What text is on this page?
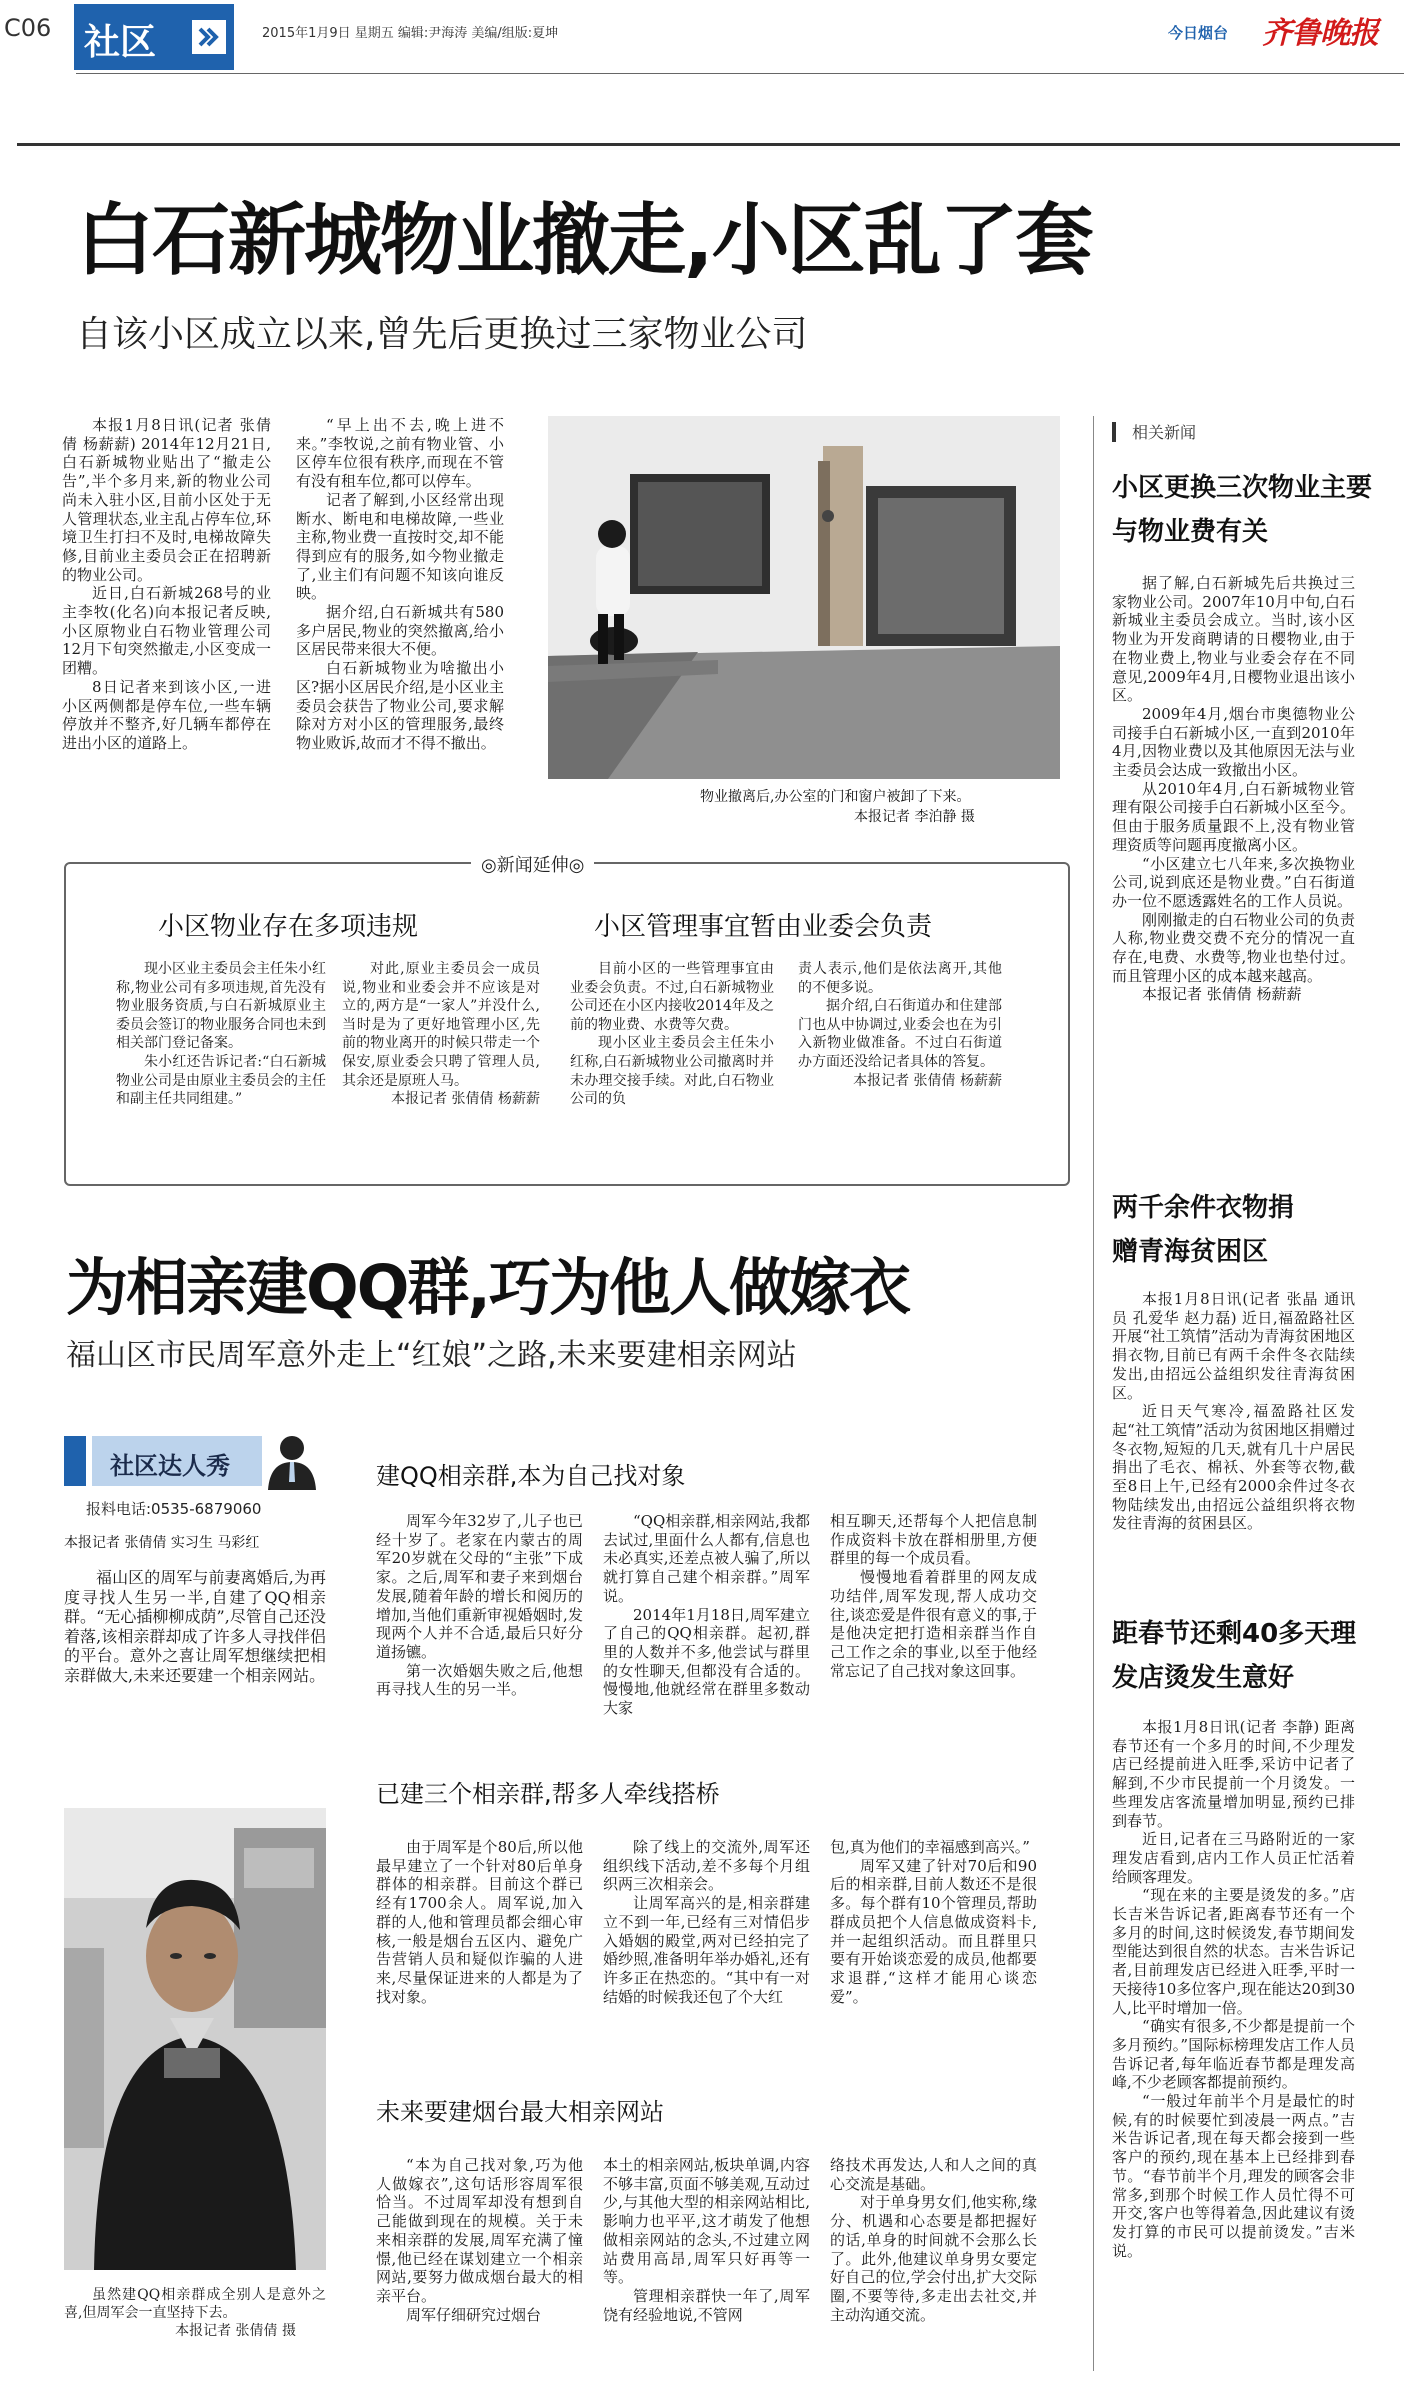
C06 社区	2015年1月9日 星期五 编辑:尹海涛 美编/组版:夏坤	今日烟台 齐鲁晚报
白石新城物业撤走,小区乱了套
自该小区成立以来,曾先后更换过三家物业公司

本报1月8日讯(记者 张倩倩 杨薪薪) 2014年12月21日,白石新城物业贴出了“撤走公告”,半个多月来,新的物业公司尚未入驻小区,目前小区处于无人管理状态,业主乱占停车位,环境卫生打扫不及时,电梯故障失修,目前业主委员会正在招聘新的物业公司。

近日,白石新城268号的业主李牧(化名)向本报记者反映,小区原物业白石物业管理公司12月下旬突然撤走,小区变成一团糟。

8日记者来到该小区,一进小区两侧都是停车位,一些车辆停放并不整齐,好几辆车都停在进出小区的道路上。

“早上出不去,晚上进不来。”李牧说,之前有物业管、小区停车位很有秩序,而现在不管有没有租车位,都可以停车。

记者了解到,小区经常出现断水、断电和电梯故障,一些业主称,物业费一直按时交,却不能得到应有的服务,如今物业撤走了,业主们有问题不知该向谁反映。

据介绍,白石新城共有580多户居民,物业的突然撤离,给小区居民带来很大不便。

白石新城物业为啥撤出小区?据小区居民介绍,是小区业主委员会获告了物业公司,要求解除对方对小区的管理服务,最终物业败诉,故而才不得不撤出。

物业撤离后,办公室的门和窗户被卸了下来。
本报记者 李泊静 摄
◎新闻延伸◎
小区物业存在多项违规	小区管理事宜暂由业委会负责

现小区业主委员会主任朱小红称,物业公司有多项违规,首先没有物业服务资质,与白石新城原业主委员会签订的物业服务合同也未到相关部门登记备案。

朱小红还告诉记者:“白石新城物业公司是由原业主委员会的主任和副主任共同组建。”

对此,原业主委员会一成员说,物业和业委会并不应该是对立的,两方是“一家人”并没什么,当时是为了更好地管理小区,先前的物业离开的时候只带走一个保安,原业委会只聘了管理人员,其余还是原班人马。

本报记者 张倩倩 杨薪薪

目前小区的一些管理事宜由业委会负责。不过,白石新城物业公司还在小区内接收2014年及之前的物业费、水费等欠费。

现小区业主委员会主任朱小红称,白石新城物业公司撤离时并未办理交接手续。对此,白石物业公司的负

责人表示,他们是依法离开,其他的不便多说。

据介绍,白石街道办和住建部门也从中协调过,业委会也在为引入新物业做准备。不过白石街道办方面还没给记者具体的答复。

本报记者 张倩倩 杨薪薪

相关新闻
小区更换三次物业主要与物业费有关

据了解,白石新城先后共换过三家物业公司。2007年10月中旬,白石新城业主委员会成立。当时,该小区物业为开发商聘请的日樱物业,由于在物业费上,物业与业委会存在不同意见,2009年4月,日樱物业退出该小区。

2009年4月,烟台市奥德物业公司接手白石新城小区,一直到2010年4月,因物业费以及其他原因无法与业主委员会达成一致撤出小区。

从2010年4月,白石新城物业管理有限公司接手白石新城小区至今。但由于服务质量跟不上,没有物业管理资质等问题再度撤离小区。

“小区建立七八年来,多次换物业公司,说到底还是物业费。”白石街道办一位不愿透露姓名的工作人员说。

刚刚撤走的白石物业公司的负责人称,物业费交费不充分的情况一直存在,电费、水费等,物业也垫付过。而且管理小区的成本越来越高。

本报记者 张倩倩 杨薪薪

两千余件衣物捐赠青海贫困区

本报1月8日讯(记者 张晶 通讯员 孔爱华 赵力磊) 近日,福盈路社区开展“社工筑情”活动为青海贫困地区捐衣物,目前已有两千余件冬衣陆续发出,由招远公益组织发往青海贫困区。

近日天气寒冷,福盈路社区发起“社工筑情”活动为贫困地区捐赠过冬衣物,短短的几天,就有几十户居民捐出了毛衣、棉袄、外套等衣物,截至8日上午,已经有2000余件过冬衣物陆续发出,由招远公益组织将衣物发往青海的贫困县区。

距春节还剩40多天理发店烫发生意好

本报1月8日讯(记者 李静) 距离春节还有一个多月的时间,不少理发店已经提前进入旺季,采访中记者了解到,不少市民提前一个月烫发。一些理发店客流量增加明显,预约已排到春节。

近日,记者在三马路附近的一家理发店看到,店内工作人员正忙活着给顾客理发。

“现在来的主要是烫发的多。”店长吉米告诉记者,距离春节还有一个多月的时间,这时候烫发,春节期间发型能达到很自然的状态。吉米告诉记者,目前理发店已经进入旺季,平时一天接待10多位客户,现在能达20到30人,比平时增加一倍。

“确实有很多,不少都是提前一个多月预约。”国际标榜理发店工作人员告诉记者,每年临近春节都是理发高峰,不少老顾客都提前预约。

“一般过年前半个月是最忙的时候,有的时候要忙到凌晨一两点。”吉米告诉记者,现在每天都会接到一些客户的预约,现在基本上已经排到春节。“春节前半个月,理发的顾客会非常多,到那个时候工作人员忙得不可开交,客户也等得着急,因此建议有烫发打算的市民可以提前烫发。”吉米说。

为相亲建QQ群,巧为他人做嫁衣
福山区市民周军意外走上“红娘”之路,未来要建相亲网站
社区达人秀
报料电话:0535-6879060
本报记者 张倩倩 实习生 马彩红

福山区的周军与前妻离婚后,为再度寻找人生另一半,自建了QQ相亲群。“无心插柳柳成荫”,尽管自己还没着落,该相亲群却成了许多人寻找伴侣的平台。意外之喜让周军想继续把相亲群做大,未来还要建一个相亲网站。

虽然建QQ相亲群成全别人是意外之喜,但周军会一直坚持下去。

本报记者 张倩倩 摄

建QQ相亲群,本为自己找对象

周军今年32岁了,儿子也已经十岁了。老家在内蒙古的周军20岁就在父母的“主张”下成家。之后,周军和妻子来到烟台发展,随着年龄的增长和阅历的增加,当他们重新审视婚姻时,发现两个人并不合适,最后只好分道扬镳。

第一次婚姻失败之后,他想再寻找人生的另一半。

“QQ相亲群,相亲网站,我都去试过,里面什么人都有,信息也未必真实,还差点被人骗了,所以就打算自己建个相亲群。”周军说。

2014年1月18日,周军建立了自己的QQ相亲群。起初,群里的人数并不多,他尝试与群里的女性聊天,但都没有合适的。慢慢地,他就经常在群里多数动大家

相互聊天,还帮每个人把信息制作成资料卡放在群相册里,方便群里的每一个成员看。

慢慢地看着群里的网友成功结伴,周军发现,帮人成功交往,谈恋爱是件很有意义的事,于是他决定把打造相亲群当作自己工作之余的事业,以至于他经常忘记了自己找对象这回事。

已建三个相亲群,帮多人牵线搭桥

由于周军是个80后,所以他最早建立了一个针对80后单身群体的相亲群。目前这个群已经有1700余人。周军说,加入群的人,他和管理员都会细心审核,一般是烟台五区内、避免广告营销人员和疑似诈骗的人进来,尽量保证进来的人都是为了找对象。

除了线上的交流外,周军还组织线下活动,差不多每个月组织两三次相亲会。

让周军高兴的是,相亲群建立不到一年,已经有三对情侣步入婚姻的殿堂,两对已经拍完了婚纱照,准备明年举办婚礼,还有许多正在热恋的。“其中有一对结婚的时候我还包了个大红

包,真为他们的幸福感到高兴。”

周军又建了针对70后和90后的相亲群,目前人数还不是很多。每个群有10个管理员,帮助群成员把个人信息做成资料卡,并一起组织活动。而且群里只要有开始谈恋爱的成员,他都要求退群,“这样才能用心谈恋爱”。

未来要建烟台最大相亲网站

“本为自己找对象,巧为他人做嫁衣”,这句话形容周军很恰当。不过周军却没有想到自己能做到现在的规模。关于未来相亲群的发展,周军充满了憧憬,他已经在谋划建立一个相亲网站,要努力做成烟台最大的相亲平台。

周军仔细研究过烟台

本土的相亲网站,板块单调,内容不够丰富,页面不够美观,互动过少,与其他大型的相亲网站相比,影响力也平平,这才萌发了他想做相亲网站的念头,不过建立网站费用高昂,周军只好再等一等。

管理相亲群快一年了,周军饶有经验地说,不管网

络技术再发达,人和人之间的真心交流是基础。

对于单身男女们,他实称,缘分、机遇和心态要是都把握好的话,单身的时间就不会那么长了。此外,他建议单身男女要定好自己的位,学会付出,扩大交际圈,不要等待,多走出去社交,并主动沟通交流。
